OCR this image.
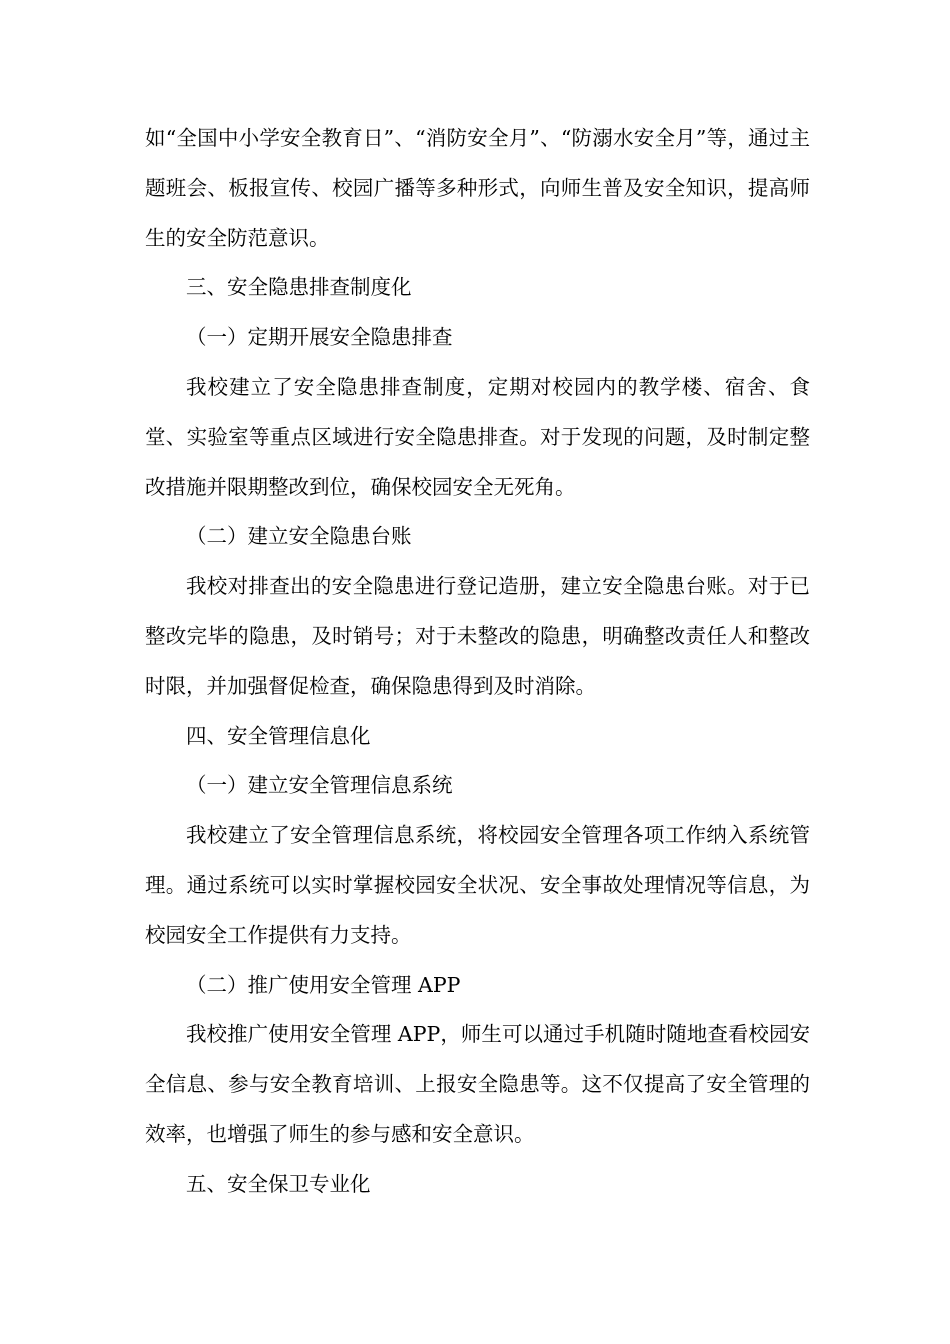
如“全国中小学安全教育日”、“消防安全月”、“防溺水安全月”等，通过主题班会、板报宣传、校园广播等多种形式，向师生普及安全知识，提高师生的安全防范意识。

三、安全隐患排查制度化

（一）定期开展安全隐患排查

我校建立了安全隐患排查制度，定期对校园内的教学楼、宿舍、食堂、实验室等重点区域进行安全隐患排查。对于发现的问题，及时制定整改措施并限期整改到位，确保校园安全无死角。

（二）建立安全隐患台账

我校对排查出的安全隐患进行登记造册，建立安全隐患台账。对于已整改完毕的隐患，及时销号；对于未整改的隐患，明确整改责任人和整改时限，并加强督促检查，确保隐患得到及时消除。

四、安全管理信息化

（一）建立安全管理信息系统

我校建立了安全管理信息系统，将校园安全管理各项工作纳入系统管理。通过系统可以实时掌握校园安全状况、安全事故处理情况等信息，为校园安全工作提供有力支持。

（二）推广使用安全管理 APP

我校推广使用安全管理 APP，师生可以通过手机随时随地查看校园安全信息、参与安全教育培训、上报安全隐患等。这不仅提高了安全管理的效率，也增强了师生的参与感和安全意识。

五、安全保卫专业化
